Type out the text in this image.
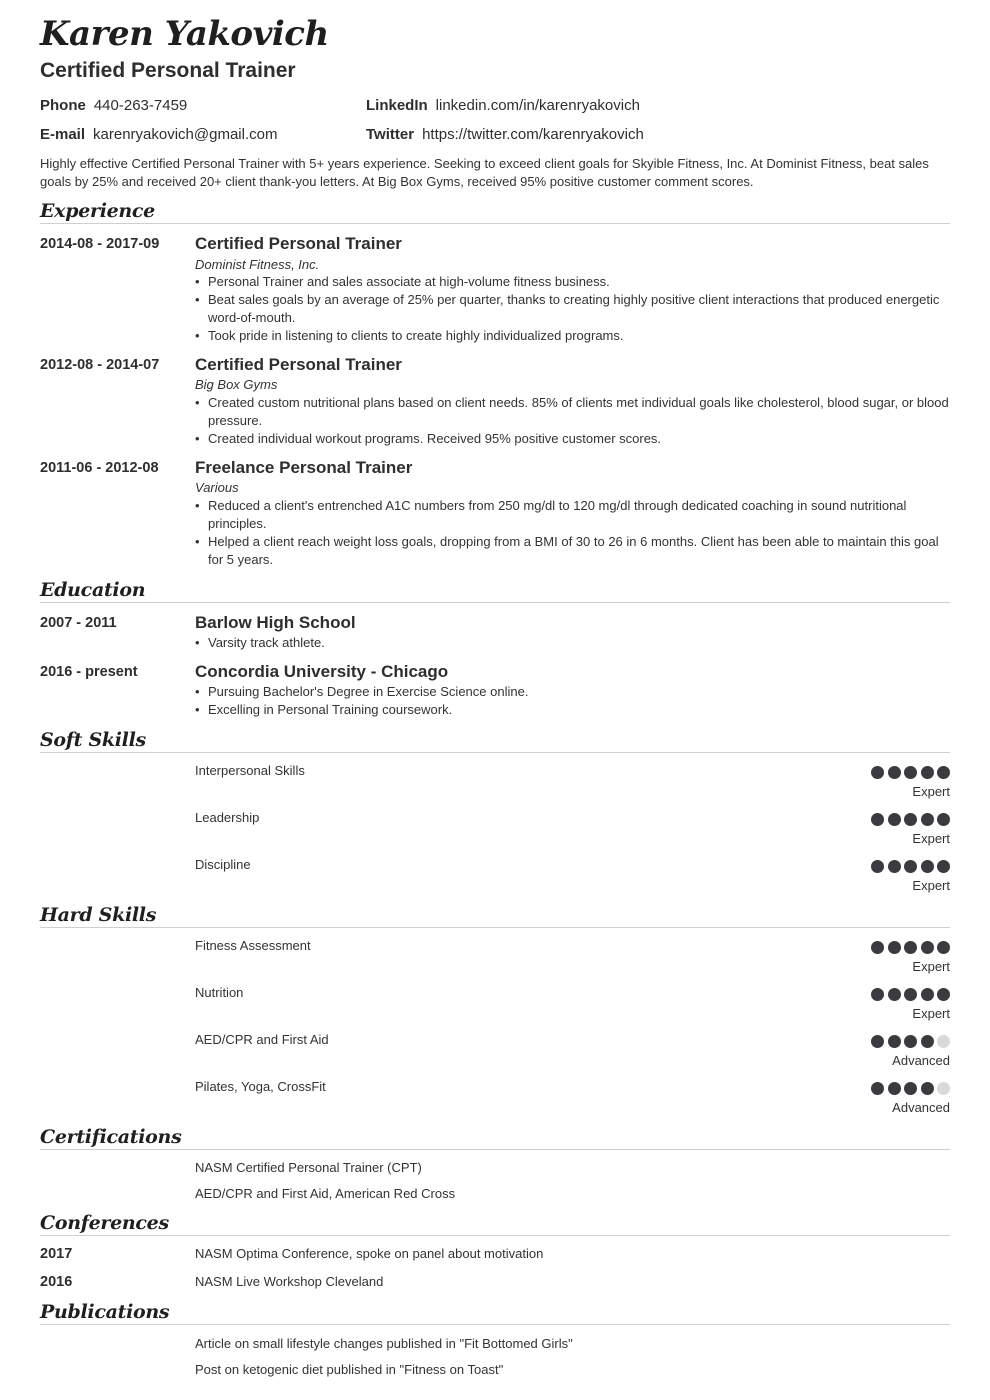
Karen Yakovich
Certified Personal Trainer
Phone 440-263-7459
E-mail karenryakovich@gmail.com
LinkedIn linkedin.com/in/karenryakovich
Twitter https://twitter.com/karenryakovich
Highly effective Certified Personal Trainer with 5+ years experience. Seeking to exceed client goals for Skyible Fitness, Inc. At Dominist Fitness, beat sales goals by 25% and received 20+ client thank-you letters. At Big Box Gyms, received 95% positive customer comment scores.
Experience
2014-08 - 2017-09 Certified Personal Trainer
Dominist Fitness, Inc.
• Personal Trainer and sales associate at high-volume fitness business.
• Beat sales goals by an average of 25% per quarter, thanks to creating highly positive client interactions that produced energetic word-of-mouth.
• Took pride in listening to clients to create highly individualized programs.
2012-08 - 2014-07 Certified Personal Trainer
Big Box Gyms
• Created custom nutritional plans based on client needs. 85% of clients met individual goals like cholesterol, blood sugar, or blood pressure.
• Created individual workout programs. Received 95% positive customer scores.
2011-06 - 2012-08 Freelance Personal Trainer
Various
• Reduced a client's entrenched A1C numbers from 250 mg/dl to 120 mg/dl through dedicated coaching in sound nutritional principles.
• Helped a client reach weight loss goals, dropping from a BMI of 30 to 26 in 6 months. Client has been able to maintain this goal for 5 years.
Education
2007 - 2011	Barlow High School
• Varsity track athlete.
2016 - present	Concordia University - Chicago
• Pursuing Bachelor's Degree in Exercise Science online.
• Excelling in Personal Training coursework.
Soft Skills
Interpersonal Skills
Expert
Leadership
Expert
Discipline
Expert
Hard Skills
Fitness Assessment
Expert
Nutrition
Expert
AED/CPR and First Aid
Advanced
Pilates, Yoga, CrossFit
Advanced
Certifications
NASM Certified Personal Trainer (CPT)
AED/CPR and First Aid, American Red Cross
Conferences
2017	NASM Optima Conference, spoke on panel about motivation
2016	NASM Live Workshop Cleveland
Publications
Article on small lifestyle changes published in "Fit Bottomed Girls"
Post on ketogenic diet published in "Fitness on Toast"
